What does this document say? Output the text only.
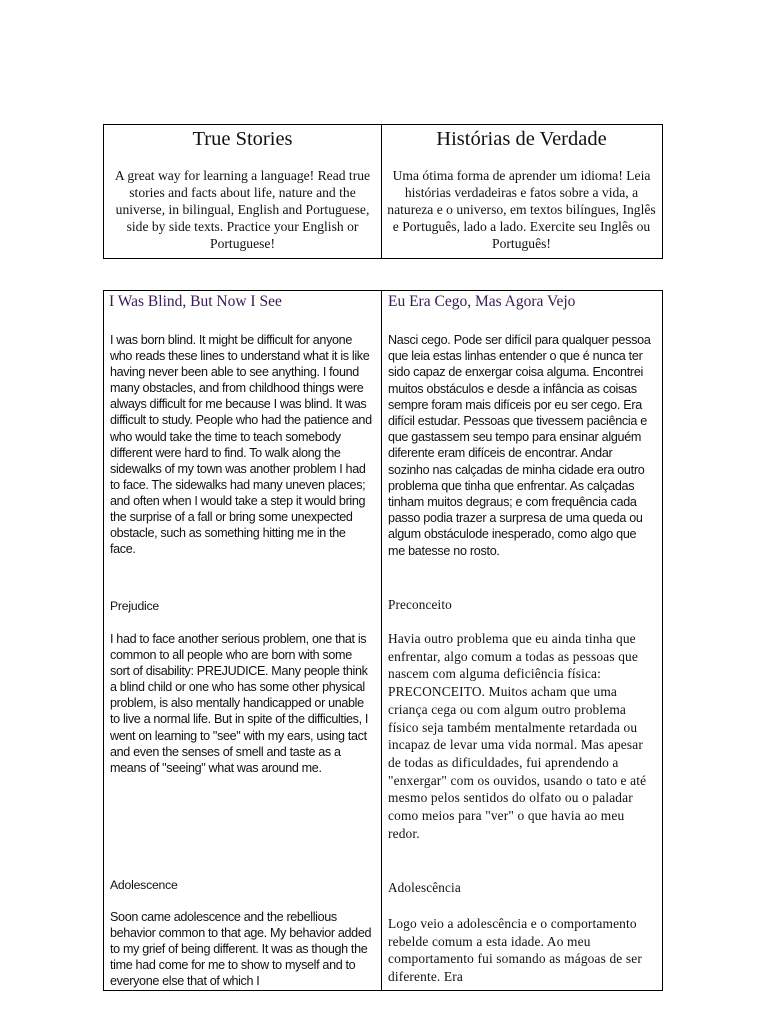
True Stories
A great way for learning a language! Read true stories and facts about life, nature and the universe, in bilingual, English and Portuguese, side by side texts. Practice your English or Portuguese!
Histórias de Verdade
Uma ótima forma de aprender um idioma! Leia histórias verdadeiras e fatos sobre a vida, a natureza e o universo, em textos bilíngues, Inglês e Português, lado a lado. Exercite seu Inglês ou Português!
I Was Blind, But Now I See
I was born blind. It might be difficult for anyone who reads these lines to understand what it is like having never been able to see anything. I found many obstacles, and from childhood things were always difficult for me because I was blind. It was difficult to study. People who had the patience and who would take the time to teach somebody different were hard to find. To walk along the sidewalks of my town was another problem I had to face. The sidewalks had many uneven places; and often when I would take a step it would bring the surprise of a fall or bring some unexpected obstacle, such as something hitting me in the face.
Prejudice
I had to face another serious problem, one that is common to all people who are born with some sort of disability: PREJUDICE. Many people think a blind child or one who has some other physical problem, is also mentally handicapped or unable to live a normal life. But in spite of the difficulties, I went on learning to "see" with my ears, using tact and even the senses of smell and taste as a means of "seeing" what was around me.
Adolescence
Soon came adolescence and the rebellious behavior common to that age. My behavior added to my grief of being different. It was as though the time had come for me to show to myself and to everyone else that of which I
Eu Era Cego, Mas Agora Vejo
Nasci cego. Pode ser difícil para qualquer pessoa que leia estas linhas entender o que é nunca ter sido capaz de enxergar coisa alguma. Encontrei muitos obstáculos e desde a infância as coisas sempre foram mais difíceis por eu ser cego. Era difícil estudar. Pessoas que tivessem paciência e que gastassem seu tempo para ensinar alguém diferente eram difíceis de encontrar. Andar sozinho nas calçadas de minha cidade era outro problema que tinha que enfrentar. As calçadas tinham muitos degraus; e com frequência cada passo podia trazer a surpresa de uma queda ou algum obstáculode inesperado, como algo que me batesse no rosto.
Preconceito
Havia outro problema que eu ainda tinha que enfrentar, algo comum a todas as pessoas que nascem com alguma deficiência física: PRECONCEITO. Muitos acham que uma criança cega ou com algum outro problema físico seja também mentalmente retardada ou incapaz de levar uma vida normal. Mas apesar de todas as dificuldades, fui aprendendo a "enxergar" com os ouvidos, usando o tato e até mesmo pelos sentidos do olfato ou o paladar como meios para "ver" o que havia ao meu redor.
Adolescência
Logo veio a adolescência e o comportamento rebelde comum a esta idade. Ao meu comportamento fui somando as mágoas de ser diferente. Era
